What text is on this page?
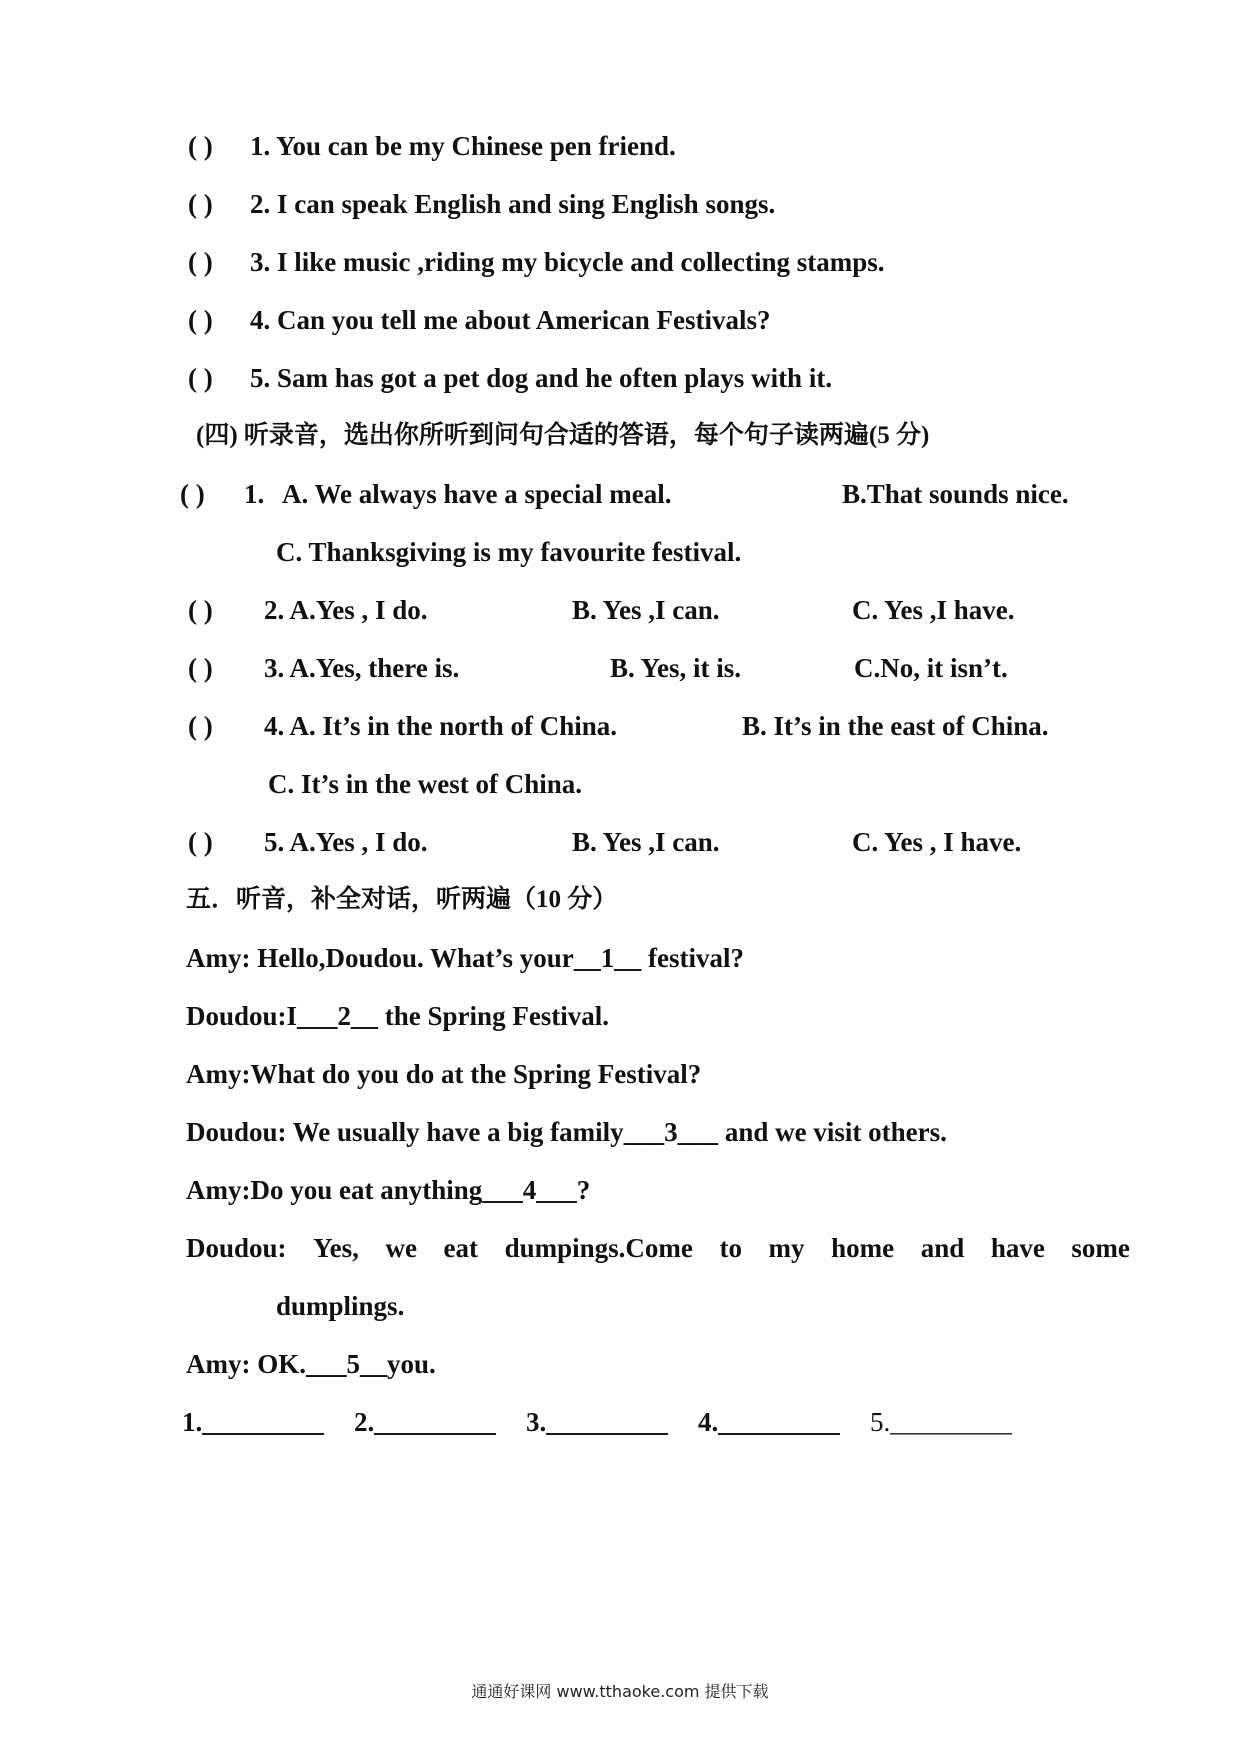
( ) 1. You can be my Chinese pen friend.
( ) 2. I can speak English and sing English songs.
( ) 3. I like music ,riding my bicycle and collecting stamps.
( ) 4. Can you tell me about American Festivals?
( ) 5. Sam has got a pet dog and he often plays with it.
(四) 听录音，选出你所听到问句合适的答语，每个句子读两遍(5 分)
( ) 1. A. We always have a special meal.	B.That sounds nice.
C. Thanksgiving is my favourite festival.
( ) 2. A.Yes , I do.	B. Yes ,I can.	C. Yes ,I have.
( ) 3. A.Yes, there is.	B. Yes, it is.	C.No, it isn’t.
( ) 4. A. It’s in the north of China.	B. It’s in the east of China.
C. It’s in the west of China.
( ) 5. A.Yes , I do.	B. Yes ,I can.	C. Yes , I have.
五．听音，补全对话，听两遍（10 分）
Amy: Hello,Doudou. What’s your__1__ festival?
Doudou:I___2__ the Spring Festival.
Amy:What do you do at the Spring Festival?
Doudou: We usually have a big family___3___ and we visit others.
Amy:Do you eat anything___4___?
Doudou: Yes, we eat dumpings.Come to my home and have some
dumplings.
Amy: OK.___5__you.
1._________ 2._________ 3._________ 4._________ 5._________
通通好课网 www.tthaoke.com 提供下载
